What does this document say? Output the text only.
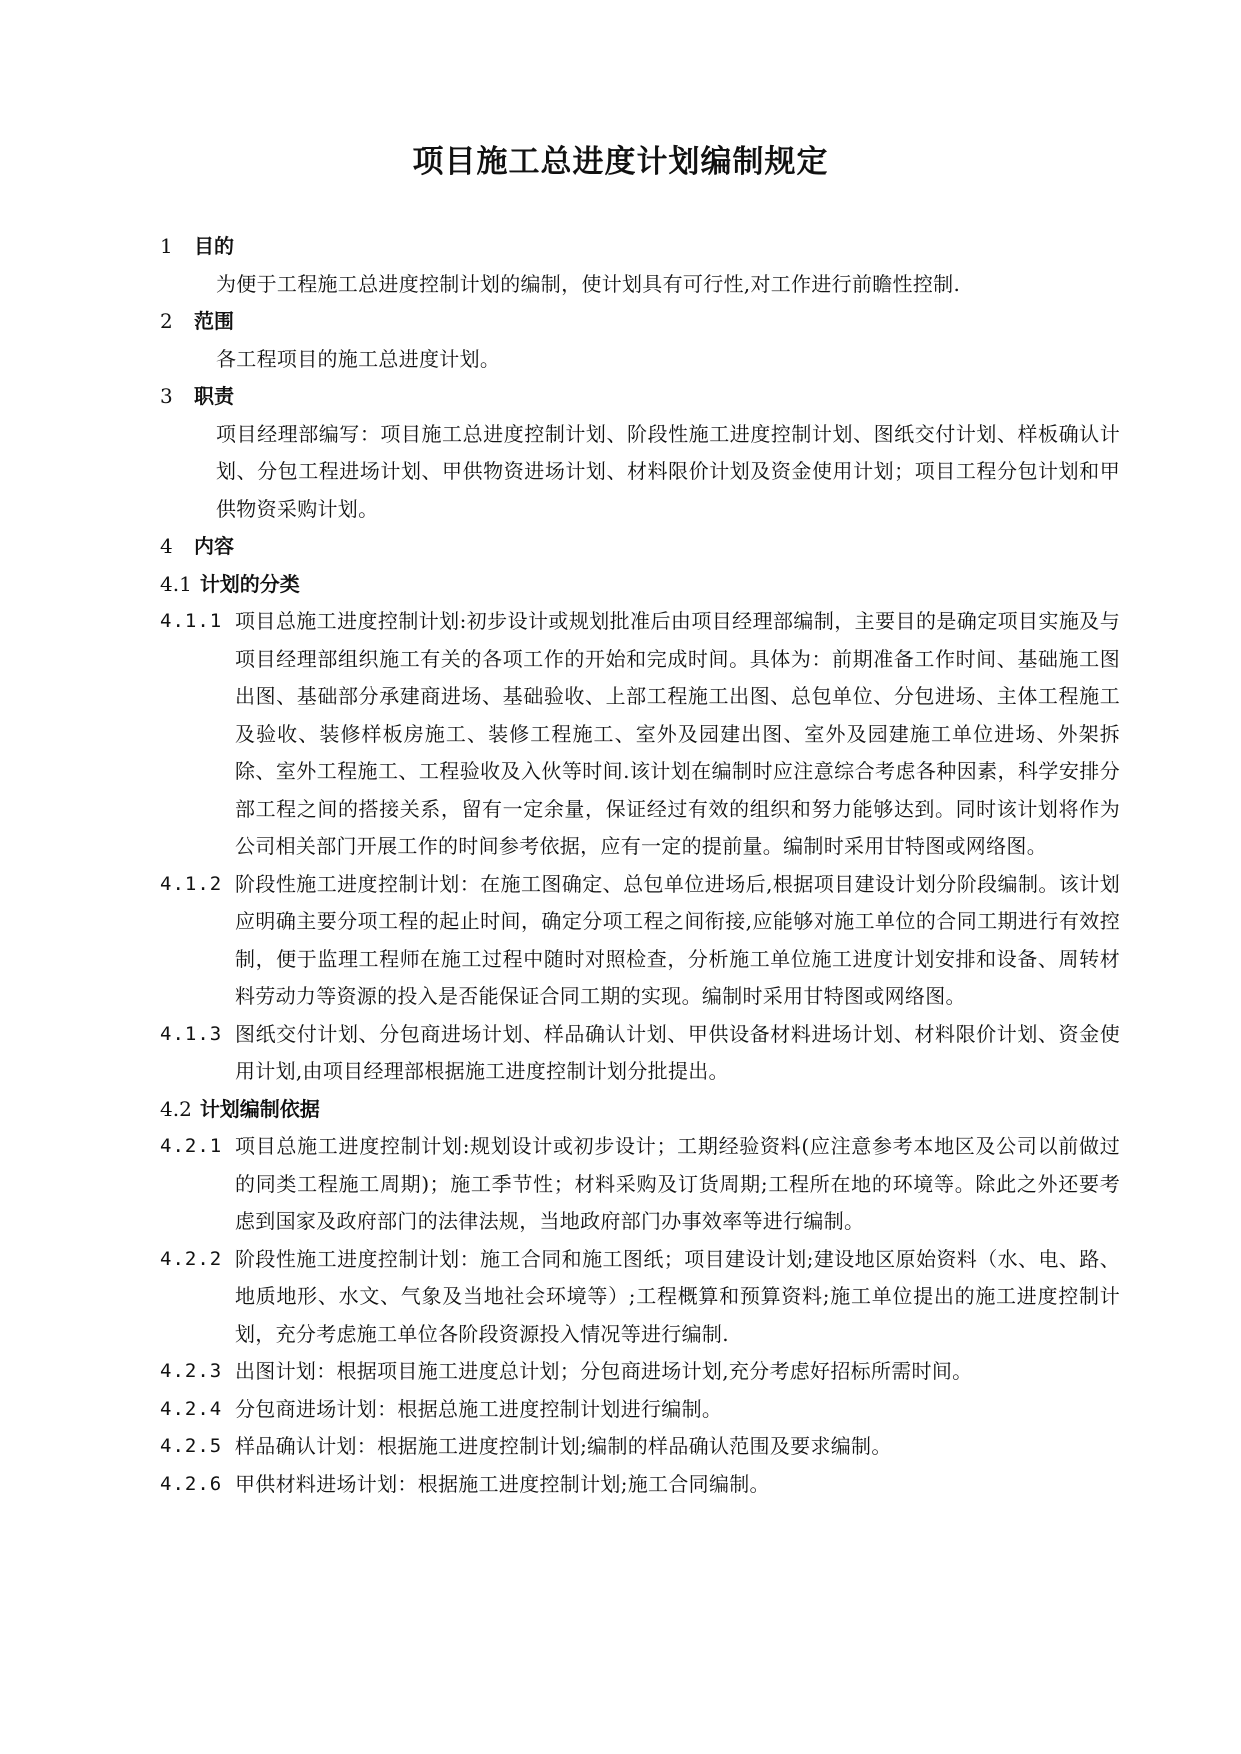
项目施工总进度计划编制规定
1	目的
为便于工程施工总进度控制计划的编制，使计划具有可行性,对工作进行前瞻性控制.
2	范围
各工程项目的施工总进度计划。
3	职责
项目经理部编写：项目施工总进度控制计划、阶段性施工进度控制计划、图纸交付计划、样板确认计划、分包工程进场计划、甲供物资进场计划、材料限价计划及资金使用计划；项目工程分包计划和甲供物资采购计划。
4	内容
4.1 计划的分类
4.1.1 项目总施工进度控制计划:初步设计或规划批准后由项目经理部编制，主要目的是确定项目实施及与项目经理部组织施工有关的各项工作的开始和完成时间。具体为：前期准备工作时间、基础施工图出图、基础部分承建商进场、基础验收、上部工程施工出图、总包单位、分包进场、主体工程施工及验收、装修样板房施工、装修工程施工、室外及园建出图、室外及园建施工单位进场、外架拆除、室外工程施工、工程验收及入伙等时间.该计划在编制时应注意综合考虑各种因素，科学安排分部工程之间的搭接关系，留有一定余量，保证经过有效的组织和努力能够达到。同时该计划将作为公司相关部门开展工作的时间参考依据，应有一定的提前量。编制时采用甘特图或网络图。
4.1.2 阶段性施工进度控制计划：在施工图确定、总包单位进场后,根据项目建设计划分阶段编制。该计划应明确主要分项工程的起止时间，确定分项工程之间衔接,应能够对施工单位的合同工期进行有效控制，便于监理工程师在施工过程中随时对照检查，分析施工单位施工进度计划安排和设备、周转材料劳动力等资源的投入是否能保证合同工期的实现。编制时采用甘特图或网络图。
4.1.3 图纸交付计划、分包商进场计划、样品确认计划、甲供设备材料进场计划、材料限价计划、资金使用计划,由项目经理部根据施工进度控制计划分批提出。
4.2 计划编制依据
4.2.1 项目总施工进度控制计划:规划设计或初步设计；工期经验资料(应注意参考本地区及公司以前做过的同类工程施工周期)；施工季节性；材料采购及订货周期;工程所在地的环境等。除此之外还要考虑到国家及政府部门的法律法规，当地政府部门办事效率等进行编制。
4.2.2 阶段性施工进度控制计划：施工合同和施工图纸；项目建设计划;建设地区原始资料（水、电、路、地质地形、水文、气象及当地社会环境等）;工程概算和预算资料;施工单位提出的施工进度控制计划，充分考虑施工单位各阶段资源投入情况等进行编制.
4.2.3 出图计划：根据项目施工进度总计划；分包商进场计划,充分考虑好招标所需时间。
4.2.4 分包商进场计划：根据总施工进度控制计划进行编制。
4.2.5 样品确认计划：根据施工进度控制计划;编制的样品确认范围及要求编制。
4.2.6 甲供材料进场计划：根据施工进度控制计划;施工合同编制。
